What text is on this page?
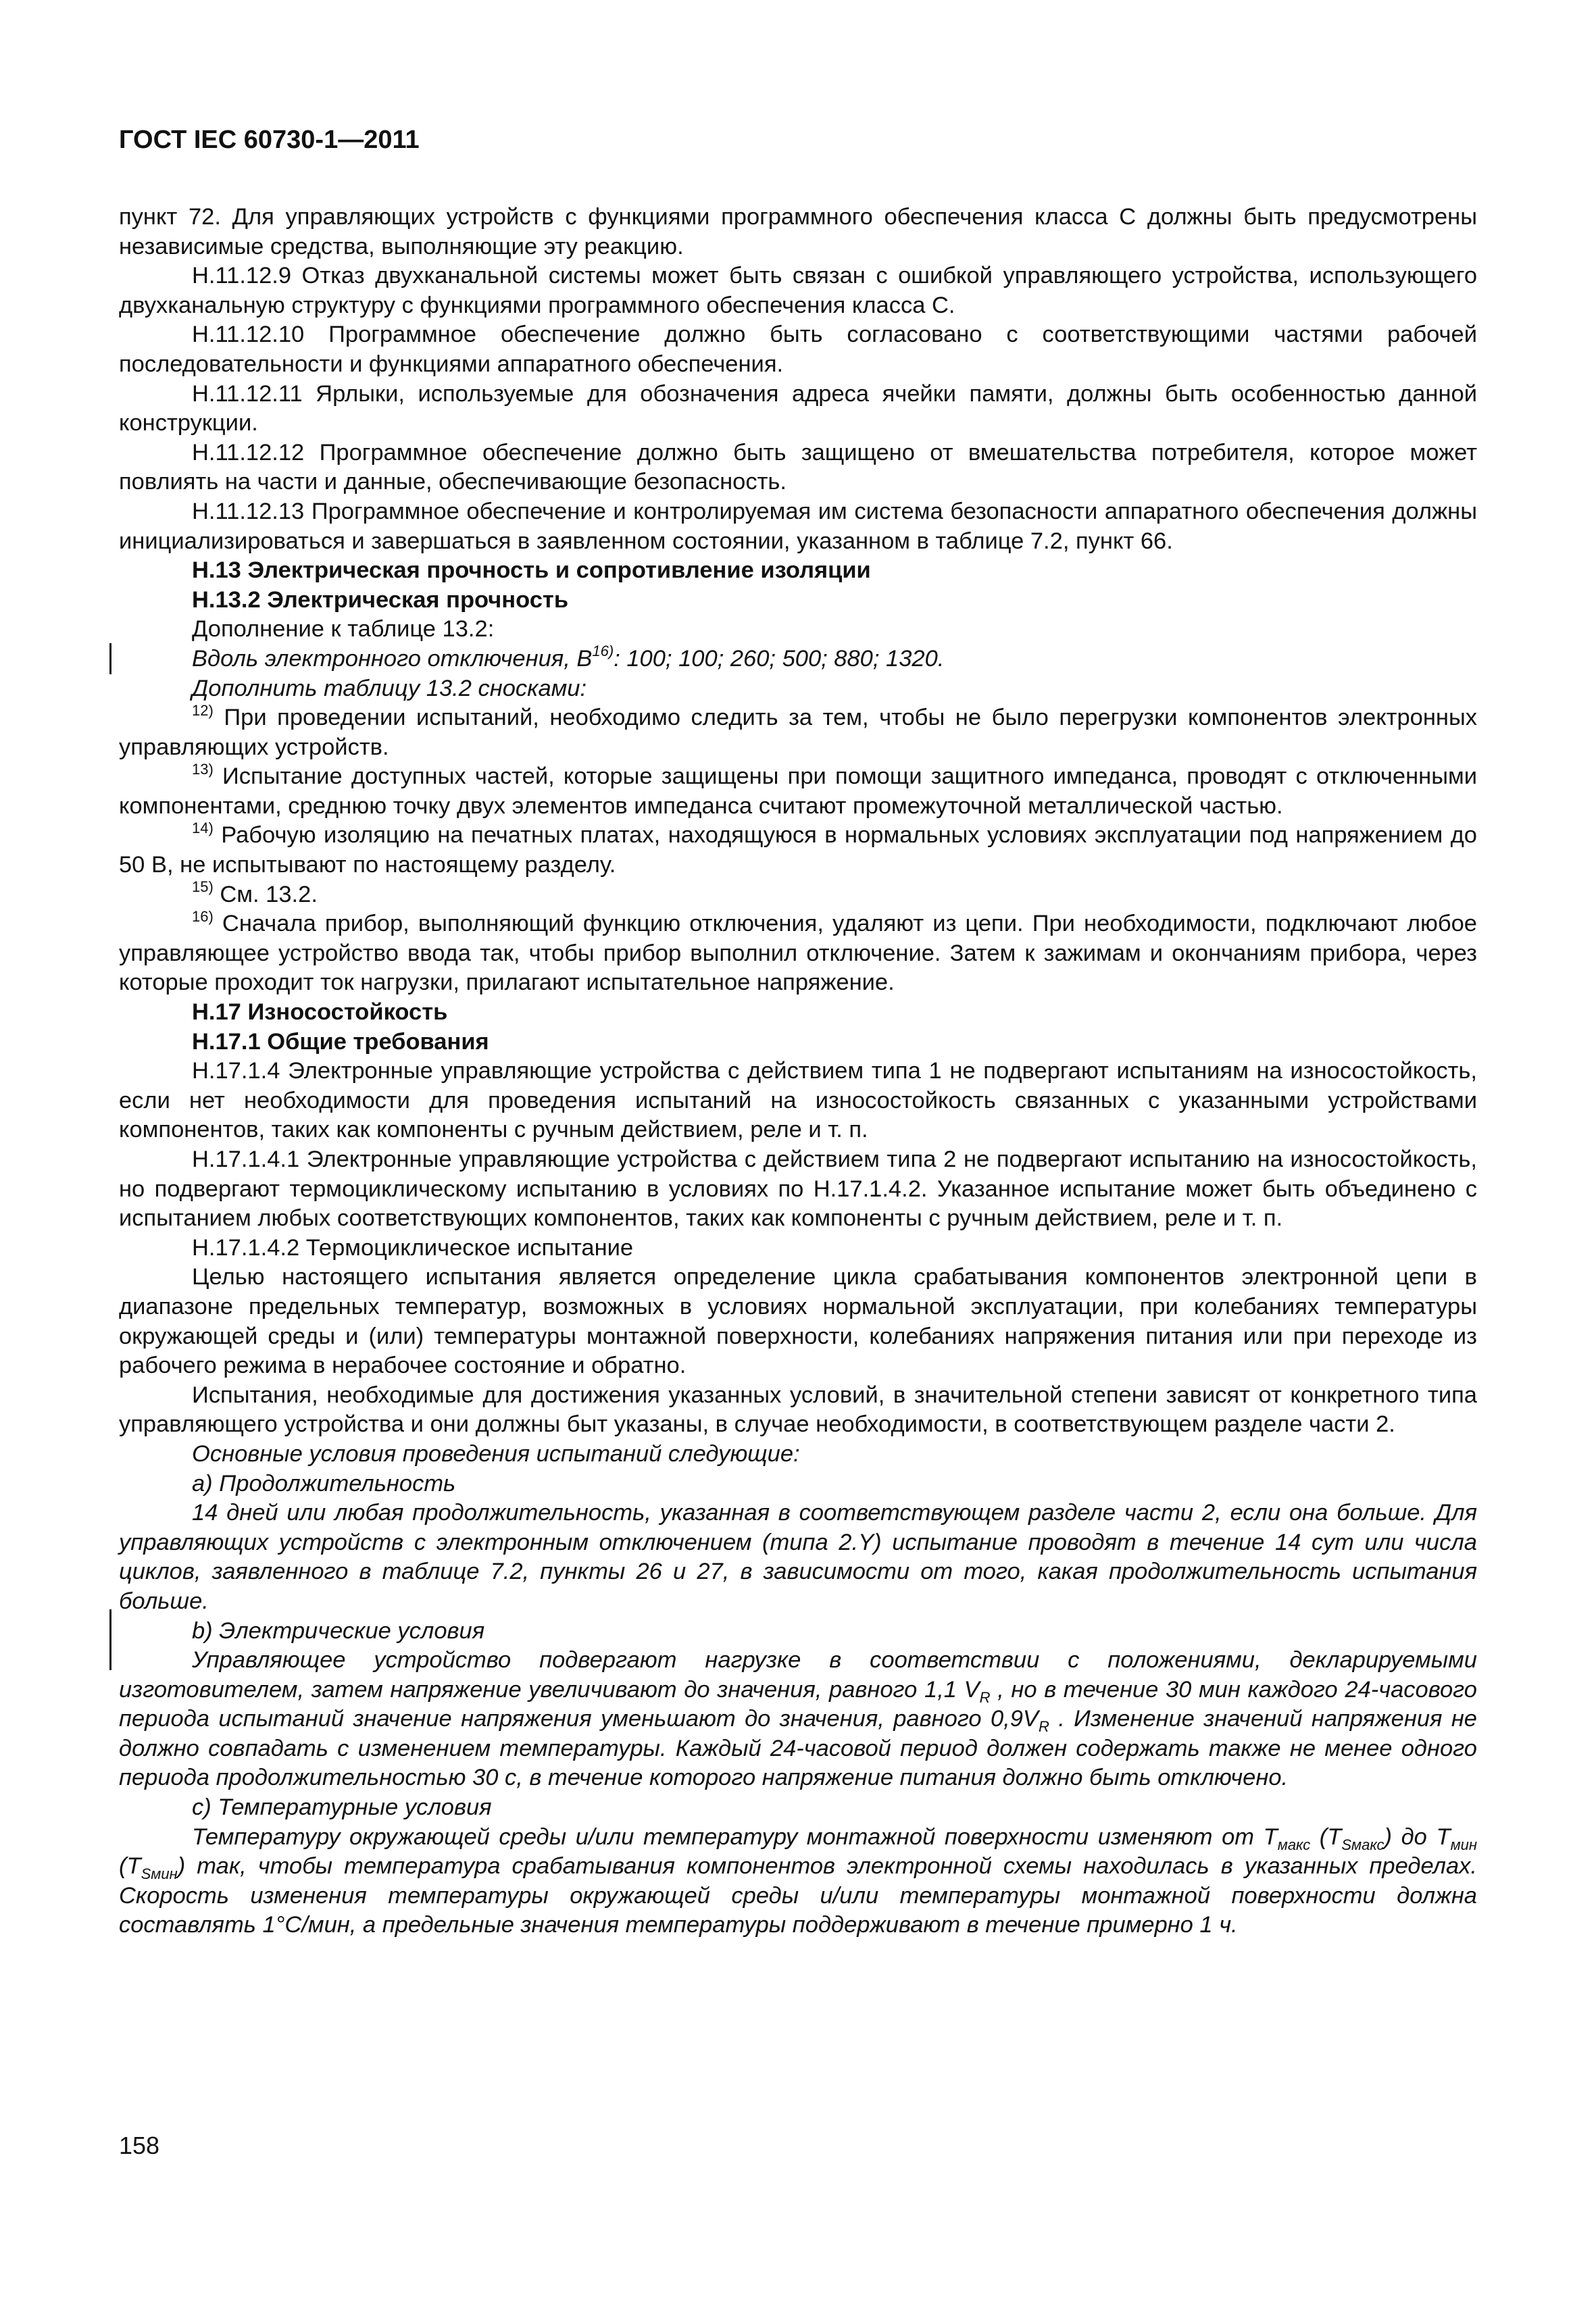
ГОСТ IEC 60730-1—2011

пункт 72. Для управляющих устройств с функциями программного обеспечения класса С должны быть предусмотрены независимые средства, выполняющие эту реакцию.

Н.11.12.9 Отказ двухканальной системы может быть связан с ошибкой управляющего устройства, использующего двухканальную структуру с функциями программного обеспечения класса С.

Н.11.12.10 Программное обеспечение должно быть согласовано с соответствующими частями рабочей последовательности и функциями аппаратного обеспечения.

Н.11.12.11 Ярлыки, используемые для обозначения адреса ячейки памяти, должны быть особенностью данной конструкции.

Н.11.12.12 Программное обеспечение должно быть защищено от вмешательства потребителя, которое может повлиять на части и данные, обеспечивающие безопасность.

Н.11.12.13 Программное обеспечение и контролируемая им система безопасности аппаратного обеспечения должны инициализироваться и завершаться в заявленном состоянии, указанном в таблице 7.2, пункт 66.

Н.13 Электрическая прочность и сопротивление изоляции

Н.13.2 Электрическая прочность

Дополнение к таблице 13.2:

Вдоль электронного отключения, $В^{16)}$: 100; 100; 260; 500; 880; 1320.

Дополнить таблицу 13.2 сносками:

$^{12)}$ При проведении испытаний, необходимо следить за тем, чтобы не было перегрузки компонентов электронных управляющих устройств.

$^{13)}$ Испытание доступных частей, которые защищены при помощи защитного импеданса, проводят с отключенными компонентами, среднюю точку двух элементов импеданса считают промежуточной металлической частью.

$^{14)}$ Рабочую изоляцию на печатных платах, находящуюся в нормальных условиях эксплуатации под напряжением до 50 В, не испытывают по настоящему разделу.

$^{15)}$ См. 13.2.

$^{16)}$ Сначала прибор, выполняющий функцию отключения, удаляют из цепи. При необходимости, подключают любое управляющее устройство ввода так, чтобы прибор выполнил отключение. Затем к зажимам и окончаниям прибора, через которые проходит ток нагрузки, прилагают испытательное напряжение.

Н.17 Износостойкость

Н.17.1 Общие требования

Н.17.1.4 Электронные управляющие устройства с действием типа 1 не подвергают испытаниям на износостойкость, если нет необходимости для проведения испытаний на износостойкость связанных с указанными устройствами компонентов, таких как компоненты с ручным действием, реле и т. п.

Н.17.1.4.1 Электронные управляющие устройства с действием типа 2 не подвергают испытанию на износостойкость, но подвергают термоциклическому испытанию в условиях по Н.17.1.4.2. Указанное испытание может быть объединено с испытанием любых соответствующих компонентов, таких как компоненты с ручным действием, реле и т. п.

Н.17.1.4.2 Термоциклическое испытание

Целью настоящего испытания является определение цикла срабатывания компонентов электронной цепи в диапазоне предельных температур, возможных в условиях нормальной эксплуатации, при колебаниях температуры окружающей среды и (или) температуры монтажной поверхности, колебаниях напряжения питания или при переходе из рабочего режима в нерабочее состояние и обратно.

Испытания, необходимые для достижения указанных условий, в значительной степени зависят от конкретного типа управляющего устройства и они должны быт указаны, в случае необходимости, в соответствующем разделе части 2.

Основные условия проведения испытаний следующие:

a) Продолжительность

14 дней или любая продолжительность, указанная в соответствующем разделе части 2, если она больше. Для управляющих устройств с электронным отключением (типа 2.Y) испытание проводят в течение 14 сут или числа циклов, заявленного в таблице 7.2, пункты 26 и 27, в зависимости от того, какая продолжительность испытания больше.

b) Электрические условия

Управляющее устройство подвергают нагрузке в соответствии с положениями, декларируемыми изготовителем, затем напряжение увеличивают до значения, равного 1,1 $V_R$ , но в течение 30 мин каждого 24-часового периода испытаний значение напряжения уменьшают до значения, равного $0,9V_R$ . Изменение значений напряжения не должно совпадать с изменением температуры. Каждый 24-часовой период должен содержать также не менее одного периода продолжительностью 30 с, в течение которого напряжение питания должно быть отключено.

c) Температурные условия

Температуру окружающей среды и/или температуру монтажной поверхности изменяют от $Т_{макс}$ $(Т_{Sмакс})$ до $Т_{мин}$ $(Т_{Sмин})$ так, чтобы температура срабатывания компонентов электронной схемы находилась в указанных пределах. Скорость изменения температуры окружающей среды и/или температуры монтажной поверхности должна составлять 1°С/мин, а предельные значения температуры поддерживают в течение примерно 1 ч.

158
